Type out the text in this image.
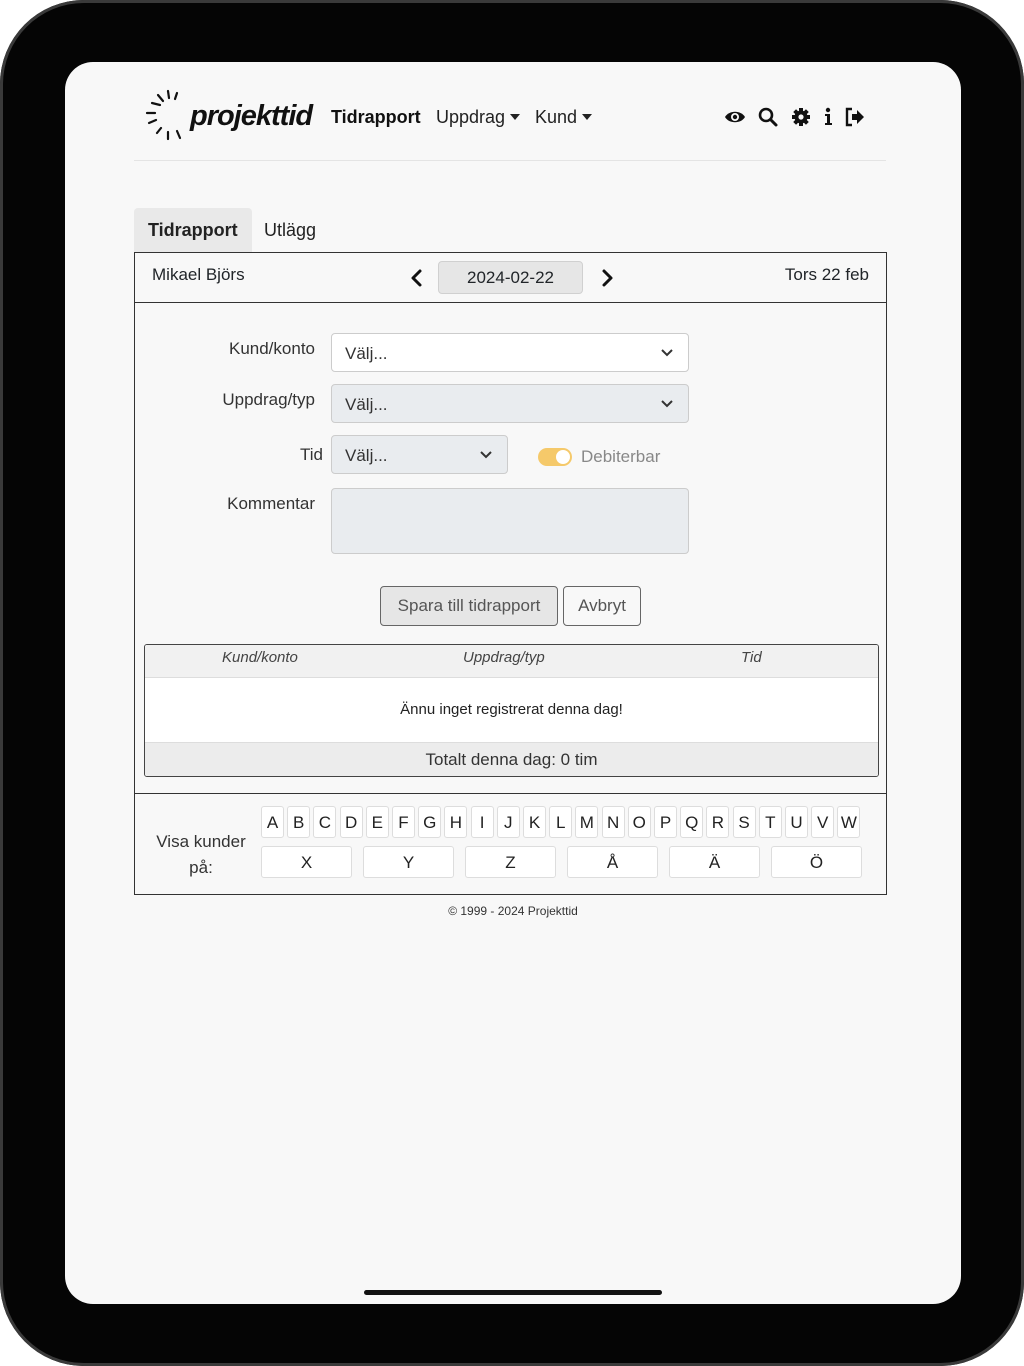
projekttid Tidrapport Uppdrag	Kund
Tidrapport	Utlägg
Mikael Björs	2024-02-22	Tors 22 feb
Kund/konto	Välj...
Uppdrag/typ	Välj...
Tid	Välj...	Debiterbar
Kommentar
Spara till tidrapport	Avbryt
Kund/konto	Uppdrag/typ	Tid
Ännu inget registrerat denna dag!
Totalt denna dag: 0 tim
Visa kunder
på:
A B C D E F G H	I	J K L M N O P Q R S T U V W
X	Y	Z	Å	Ä	Ö
© 1999 - 2024 Projekttid
